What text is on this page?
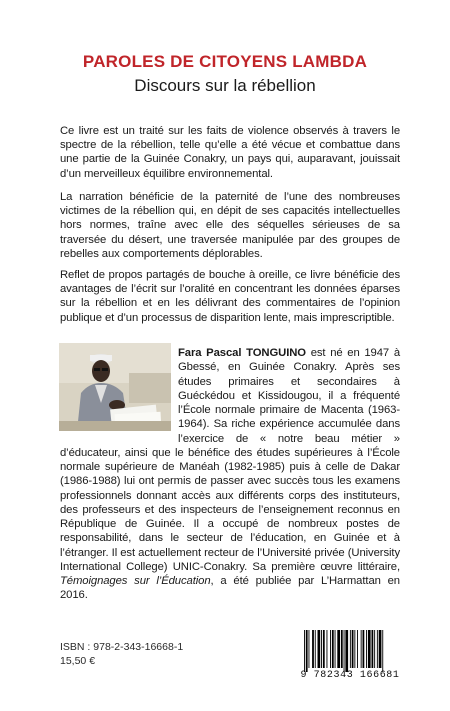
PAROLES DE CITOYENS LAMBDA
Discours sur la rébellion

Ce livre est un traité sur les faits de violence observés à travers le spectre de la rébellion, telle qu’elle a été vécue et combattue dans une partie de la Guinée Conakry, un pays qui, auparavant, jouissait d’un merveilleux équilibre environnemental.

La narration bénéficie de la paternité de l’une des nombreuses victimes de la rébellion qui, en dépit de ses capacités intellectuelles hors normes, traîne avec elle des séquelles sérieuses de sa traversée du désert, une traversée manipulée par des groupes de rebelles aux comportements déplorables.

Reflet de propos partagés de bouche à oreille, ce livre bénéficie des avantages de l’écrit sur l’oralité en concentrant les données éparses sur la rébellion et en les délivrant des commentaires de l’opinion publique et d’un processus de disparition lente, mais imprescriptible.

Fara Pascal TONGUINO est né en 1947 à Gbessé, en Guinée Conakry. Après ses études primaires et secondaires à Guéckédou et Kissidougou, il a fréquenté l’École normale primaire de Macenta (1963-1964). Sa riche expérience accumulée dans l’exercice de « notre beau métier » d’éducateur, ainsi que le bénéfice des études supérieures à l’École normale supérieure de Manéah (1982-1985) puis à celle de Dakar (1986-1988) lui ont permis de passer avec succès tous les examens professionnels donnant accès aux différents corps des instituteurs, des professeurs et des inspecteurs de l’enseignement reconnus en République de Guinée. Il a occupé de nombreux postes de responsabilité, dans le secteur de l’éducation, en Guinée et à l’étranger. Il est actuellement recteur de l’Université privée (University International College) UNIC-Conakry. Sa première œuvre littéraire, Témoignages sur l’Éducation, a été publiée par L’Harmattan en 2016.
ISBN : 978-2-343-16668-1
15,50 €
9 782343 166681
